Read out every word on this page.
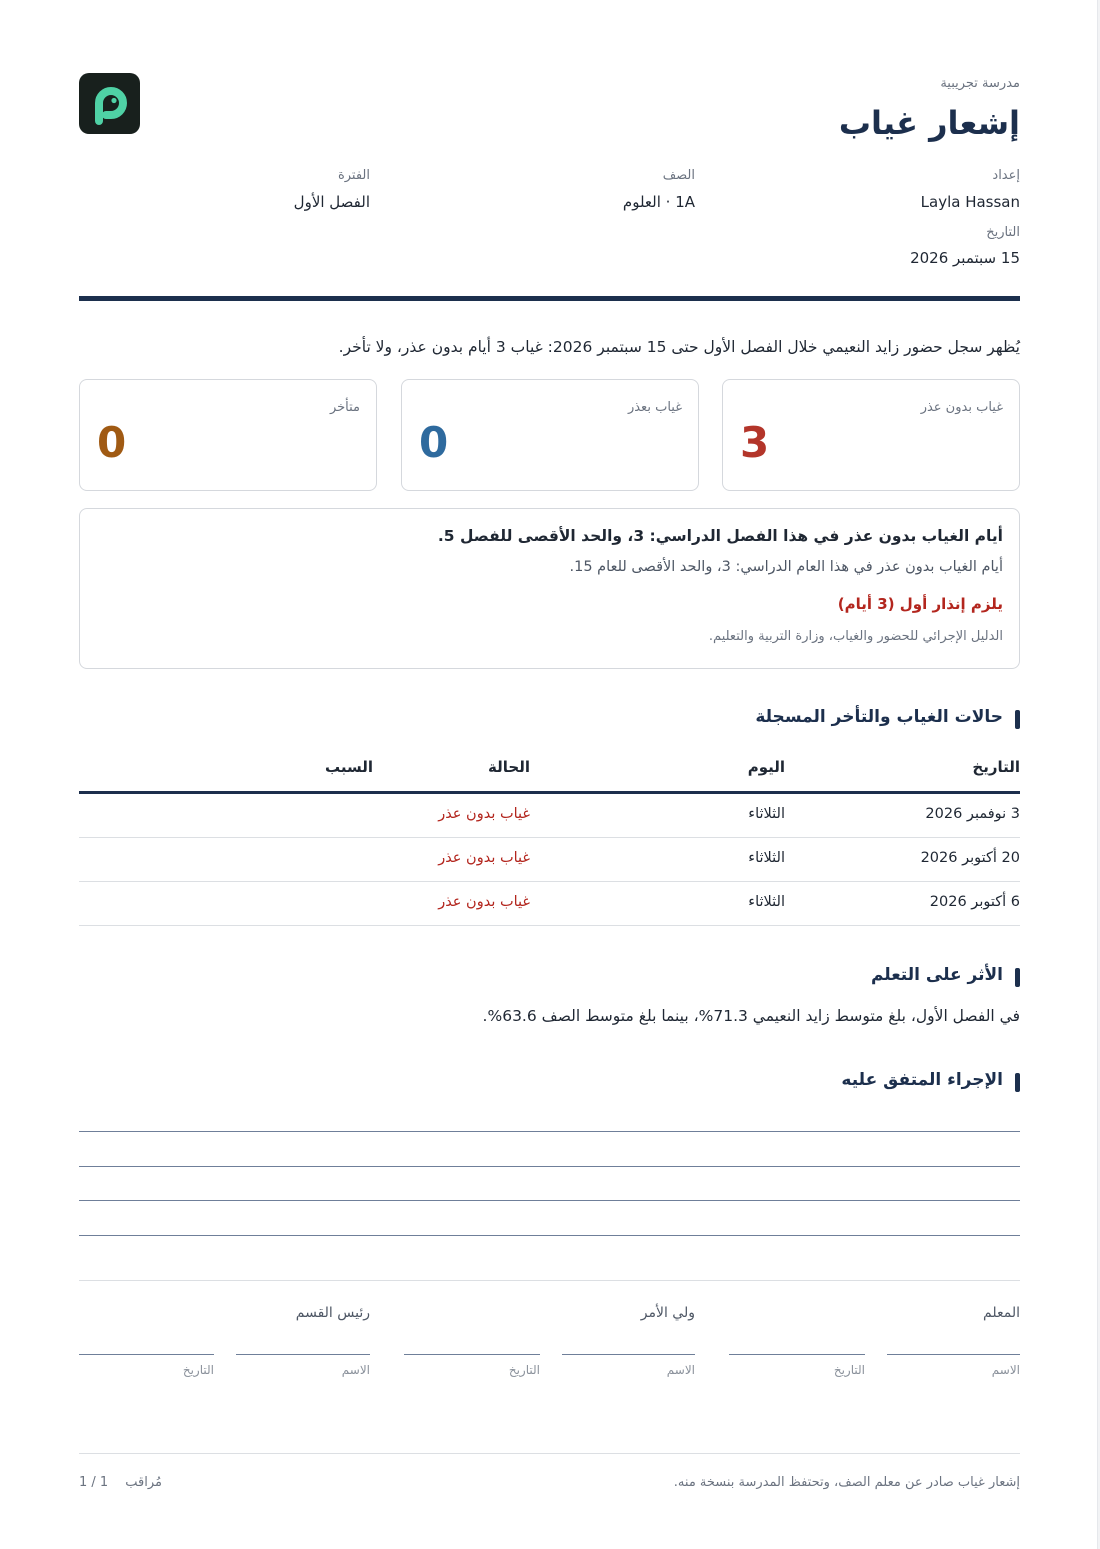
مدرسة تجريبية
إشعار غياب
إعداد
Layla Hassan
الصف
1A · العلوم
الفترة
الفصل الأول
التاريخ
15 سبتمبر 2026
يُظهر سجل حضور زايد النعيمي خلال الفصل الأول حتى 15 سبتمبر 2026: غياب 3 أيام بدون عذر، ولا تأخر.
غياب بدون عذر
3
غياب بعذر
0
متأخر
0
أيام الغياب بدون عذر في هذا الفصل الدراسي: 3، والحد الأقصى للفصل 5.
أيام الغياب بدون عذر في هذا العام الدراسي: 3، والحد الأقصى للعام 15.
يلزم إنذار أول (3 أيام)
الدليل الإجرائي للحضور والغياب، وزارة التربية والتعليم.
حالات الغياب والتأخر المسجلة
التاريخ
اليوم
الحالة
السبب
3 نوفمبر 2026
الثلاثاء
غياب بدون عذر
20 أكتوبر 2026
الثلاثاء
غياب بدون عذر
6 أكتوبر 2026
الثلاثاء
غياب بدون عذر
الأثر على التعلم
في الفصل الأول، بلغ متوسط زايد النعيمي 71.3%، بينما بلغ متوسط الصف 63.6%.
الإجراء المتفق عليه
المعلم
ولي الأمر
رئيس القسم
الاسم
التاريخ
الاسم
التاريخ
الاسم
التاريخ
إشعار غياب صادر عن معلم الصف، وتحتفظ المدرسة بنسخة منه.
مُراقب
1 / 1
